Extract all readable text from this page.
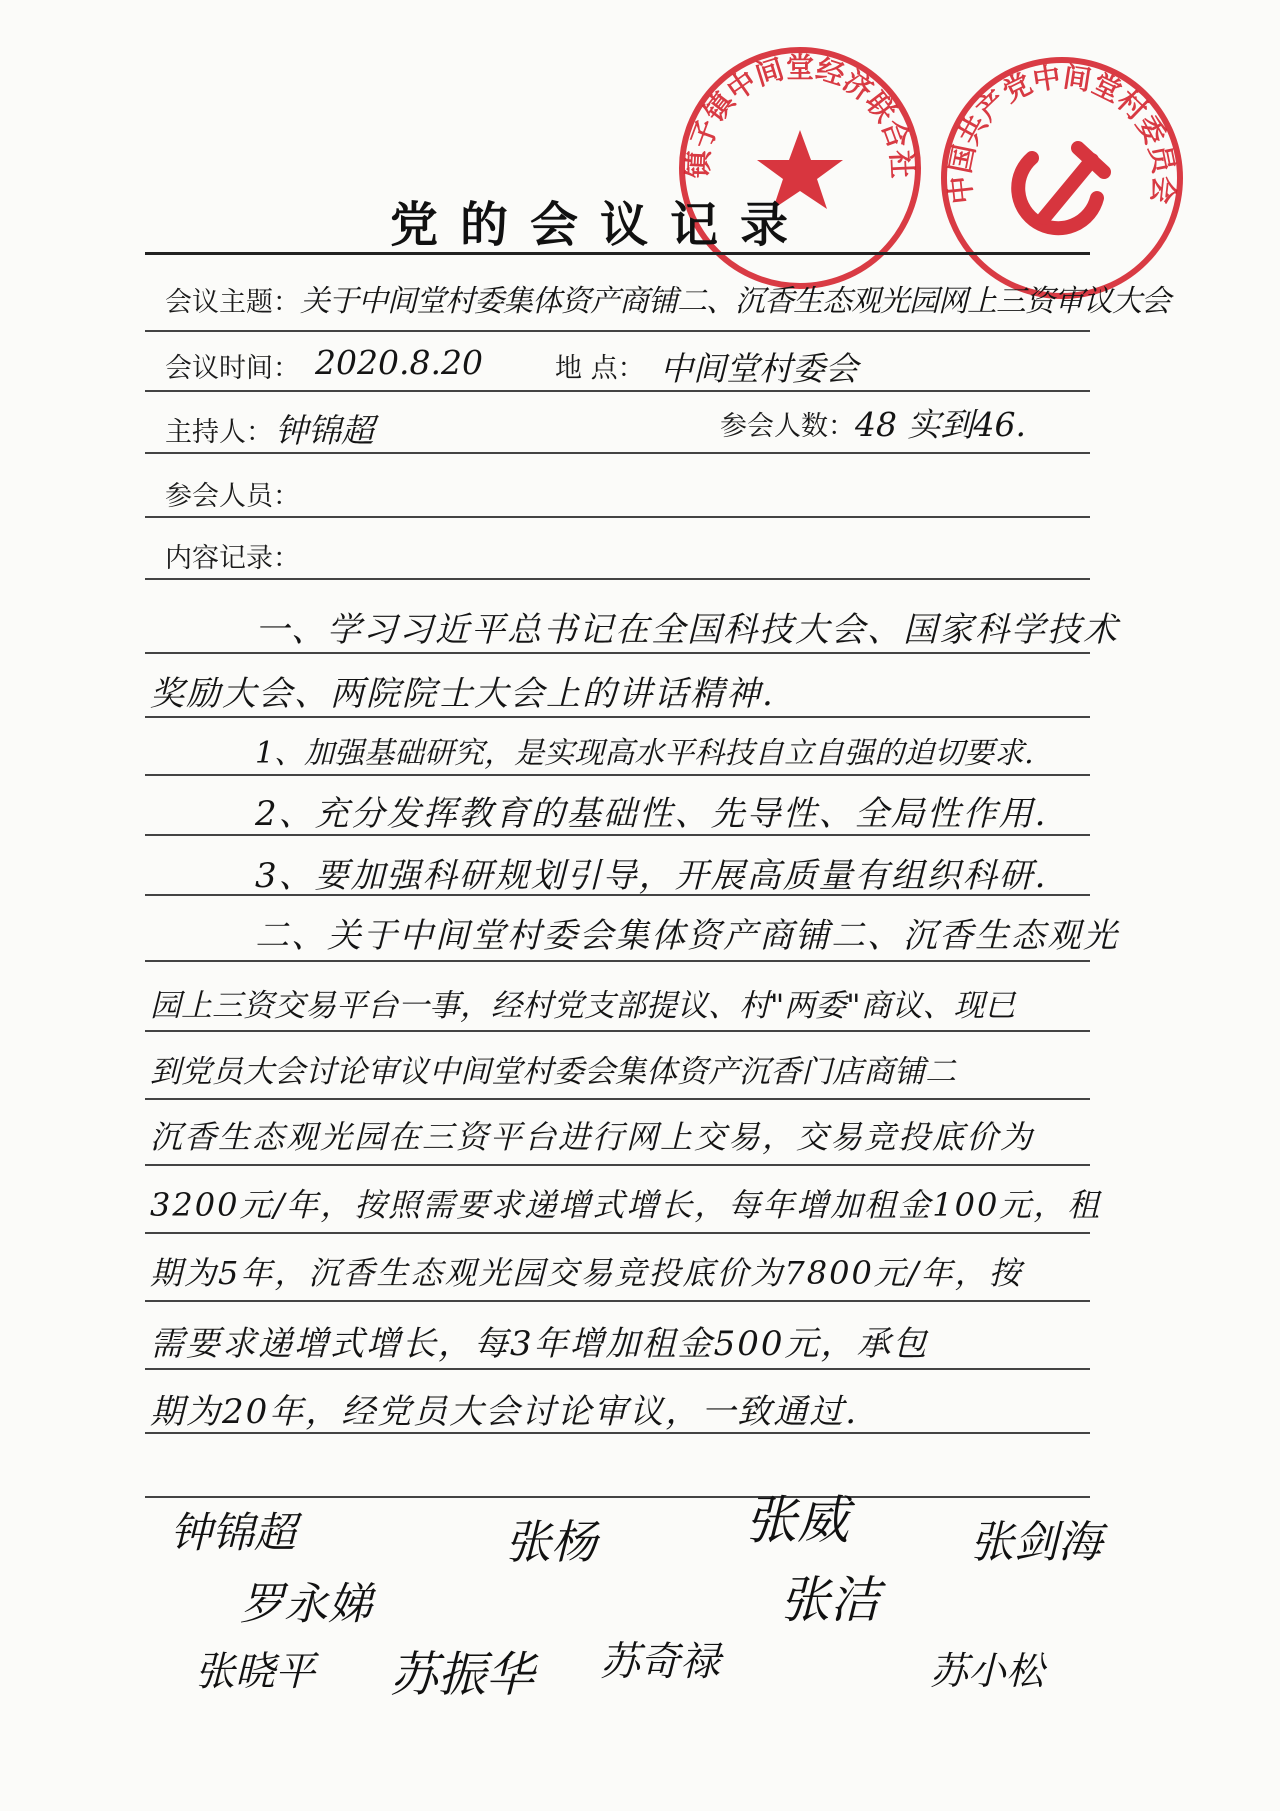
镇子镇中间堂经济联合社
中国共产党中间堂村委员会
党的会议记录
会议主题： 关于中间堂村委集体资产商铺二、沉香生态观光园网上三资审议大会
会议时间： 2020.8.20	地 点： 中间堂村委会
主持人： 钟锦超	参会人数： 48 实到46.
参会人员：
内容记录：
一、学习习近平总书记在全国科技大会、国家科学技术
奖励大会、两院院士大会上的讲话精神.
1、加强基础研究，是实现高水平科技自立自强的迫切要求.
2、充分发挥教育的基础性、先导性、全局性作用.
3、要加强科研规划引导，开展高质量有组织科研.
二、关于中间堂村委会集体资产商铺二、沉香生态观光
园上三资交易平台一事，经村党支部提议、村"两委"商议、现已
到党员大会讨论审议中间堂村委会集体资产沉香门店商铺二
沉香生态观光园在三资平台进行网上交易，交易竞投底价为
3200元/年，按照需要求递增式增长，每年增加租金100元，租
期为5年，沉香生态观光园交易竞投底价为7800元/年，按
需要求递增式增长，每3年增加租金500元，承包
期为20年，经党员大会讨论审议，一致通过.
钟锦超	张杨	张威	张剑海
罗永娣	张洁
张晓平 苏振华 苏奇禄	苏小松
